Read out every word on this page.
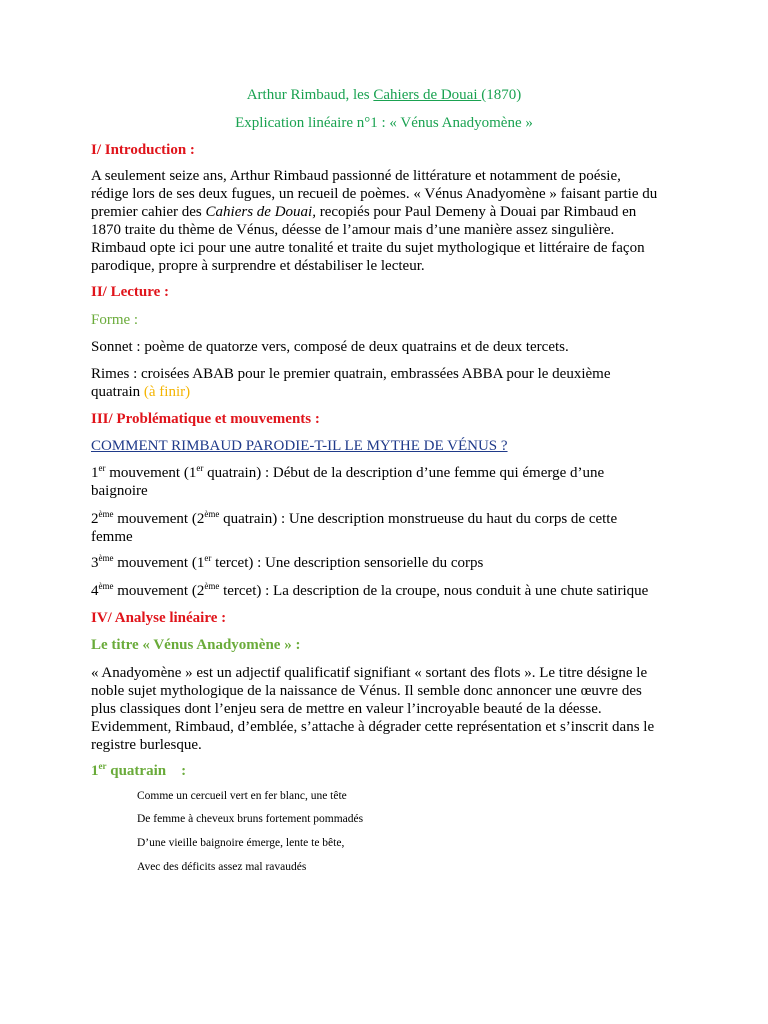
Arthur Rimbaud, les Cahiers de Douai (1870)
Explication linéaire n°1 : « Vénus Anadyomène »

I/ Introduction :

A seulement seize ans, Arthur Rimbaud passionné de littérature et notamment de poésie,
rédige lors de ses deux fugues, un recueil de poèmes. « Vénus Anadyomène » faisant partie du
premier cahier des Cahiers de Douai, recopiés pour Paul Demeny à Douai par Rimbaud en
1870 traite du thème de Vénus, déesse de l’amour mais d’une manière assez singulière.
Rimbaud opte ici pour une autre tonalité et traite du sujet mythologique et littéraire de façon
parodique, propre à surprendre et déstabiliser le lecteur.

II/ Lecture :

Forme :

Sonnet : poème de quatorze vers, composé de deux quatrains et de deux tercets.

Rimes : croisées ABAB pour le premier quatrain, embrassées ABBA pour le deuxième
quatrain (à finir)

III/ Problématique et mouvements :

COMMENT RIMBAUD PARODIE-T-IL LE MYTHE DE VÉNUS ?

1er mouvement (1er quatrain) : Début de la description d’une femme qui émerge d’une
baignoire
2ème mouvement (2ème quatrain) : Une description monstrueuse du haut du corps de cette
femme
3ème mouvement (1er tercet) : Une description sensorielle du corps
4ème mouvement (2ème tercet) : La description de la croupe, nous conduit à une chute satirique

IV/ Analyse linéaire :

Le titre « Vénus Anadyomène » :

« Anadyomène » est un adjectif qualificatif signifiant « sortant des flots ». Le titre désigne le
noble sujet mythologique de la naissance de Vénus. Il semble donc annoncer une œuvre des
plus classiques dont l’enjeu sera de mettre en valeur l’incroyable beauté de la déesse.
Evidemment, Rimbaud, d’emblée, s’attache à dégrader cette représentation et s’inscrit dans le
registre burlesque.
1er quatrain    :
Comme un cercueil vert en fer blanc, une tête
De femme à cheveux bruns fortement pommadés
D’une vieille baignoire émerge, lente te bête,
Avec des déficits assez mal ravaudés
